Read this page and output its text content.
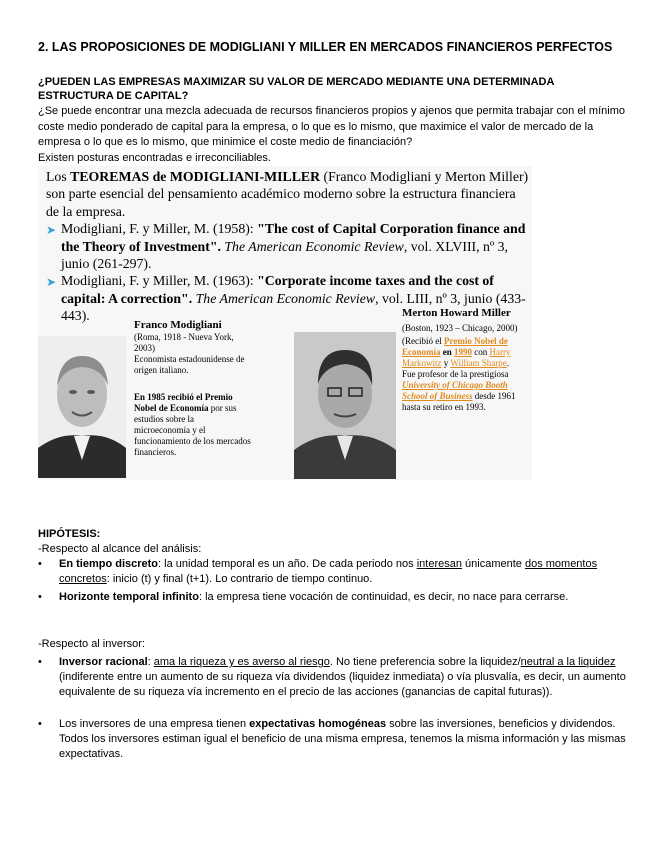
2. LAS PROPOSICIONES DE MODIGLIANI Y MILLER EN MERCADOS FINANCIEROS PERFECTOS
¿PUEDEN LAS EMPRESAS MAXIMIZAR SU VALOR DE MERCADO MEDIANTE UNA DETERMINADA ESTRUCTURA DE CAPITAL?

¿Se puede encontrar una mezcla adecuada de recursos financieros propios y ajenos que permita trabajar con el mínimo coste medio ponderado de capital para la empresa, o lo que es lo mismo, que maximice el valor de mercado de la empresa o lo que es lo mismo, que minimice el coste medio de financiación?

Existen posturas encontradas e irreconciliables.

Los TEOREMAS de MODIGLIANI-MILLER (Franco Modigliani y Merton Miller) son parte esencial del pensamiento académico moderno sobre la estructura financiera de la empresa.

➤ Modigliani, F. y Miller, M. (1958): "The cost of Capital Corporation finance and the Theory of Investment". The American Economic Review, vol. XLVIII, nº 3, junio (261-297).
➤ Modigliani, F. y Miller, M. (1963): "Corporate income taxes and the cost of capital: A correction". The American Economic Review, vol. LIII, nº 3, junio (433-443).

Franco Modigliani

(Roma, 1918 - Nueva York, 2003)

Economista estadounidense de origen italiano.

En 1985 recibió el Premio Nobel de Economía por sus estudios sobre la microeconomía y el funcionamiento de los mercados financieros.

Merton Howard Miller

(Boston, 1923 – Chicago, 2000)

(Recibió el Premio Nobel de Economía en 1990 con Harry Markowitz y William Sharpe.

Fue profesor de la prestigiosa University of Chicago Booth School of Business desde 1961 hasta su retiro en 1993.

HIPÓTESIS:

-Respecto al alcance del análisis:

• En tiempo discreto: la unidad temporal es un año. De cada periodo nos interesan únicamente dos momentos concretos: inicio (t) y final (t+1). Lo contrario de tiempo continuo.
• Horizonte temporal infinito: la empresa tiene vocación de continuidad, es decir, no nace para cerrarse.

-Respecto al inversor:

• Inversor racional: ama la riqueza y es averso al riesgo. No tiene preferencia sobre la liquidez/neutral a la liquidez (indiferente entre un aumento de su riqueza vía dividendos (liquidez inmediata) o vía plusvalía, es decir, un aumento equivalente de su riqueza vía incremento en el precio de las acciones (ganancias de capital futuras)).
• Los inversores de una empresa tienen expectativas homogéneas sobre las inversiones, beneficios y dividendos. Todos los inversores estiman igual el beneficio de una misma empresa, tenemos la misma información y las mismas expectativas.
